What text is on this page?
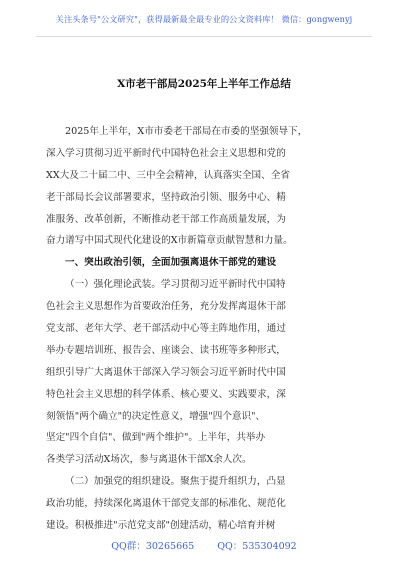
关注头条号"公文研究"，获得最新最全最专业的公文资料库！ 微信：gongwenyj
X市老干部局2025年上半年工作总结
2025年上半年，X市市委老干部局在市委的坚强领导下，
深入学习贯彻习近平新时代中国特色社会主义思想和党的
XX大及二十届二中、三中全会精神，认真落实全国、全省
老干部局长会议部署要求，坚持政治引领、服务中心、精
准服务、改革创新，不断推动老干部工作高质量发展，为
奋力谱写中国式现代化建设的X市新篇章贡献智慧和力量。
一、突出政治引领，全面加强离退休干部党的建设
（一）强化理论武装。学习贯彻习近平新时代中国特
色社会主义思想作为首要政治任务，充分发挥离退休干部
党支部、老年大学、老干部活动中心等主阵地作用，通过
举办专题培训班、报告会、座谈会、读书班等多种形式，
组织引导广大离退休干部深入学习领会习近平新时代中国
特色社会主义思想的科学体系、核心要义、实践要求，深
刻领悟"两个确立"的决定性意义，增强"四个意识"、
坚定"四个自信"、做到"两个维护"。上半年，共举办
各类学习活动X场次，参与离退休干部X余人次。
（二）加强党的组织建设。聚焦于提升组织力，凸显
政治功能，持续深化离退休干部党支部的标准化、规范化
建设。积极推进"示范党支部"创建活动，精心培育并树
QQ群：30265665 QQ：535304092
